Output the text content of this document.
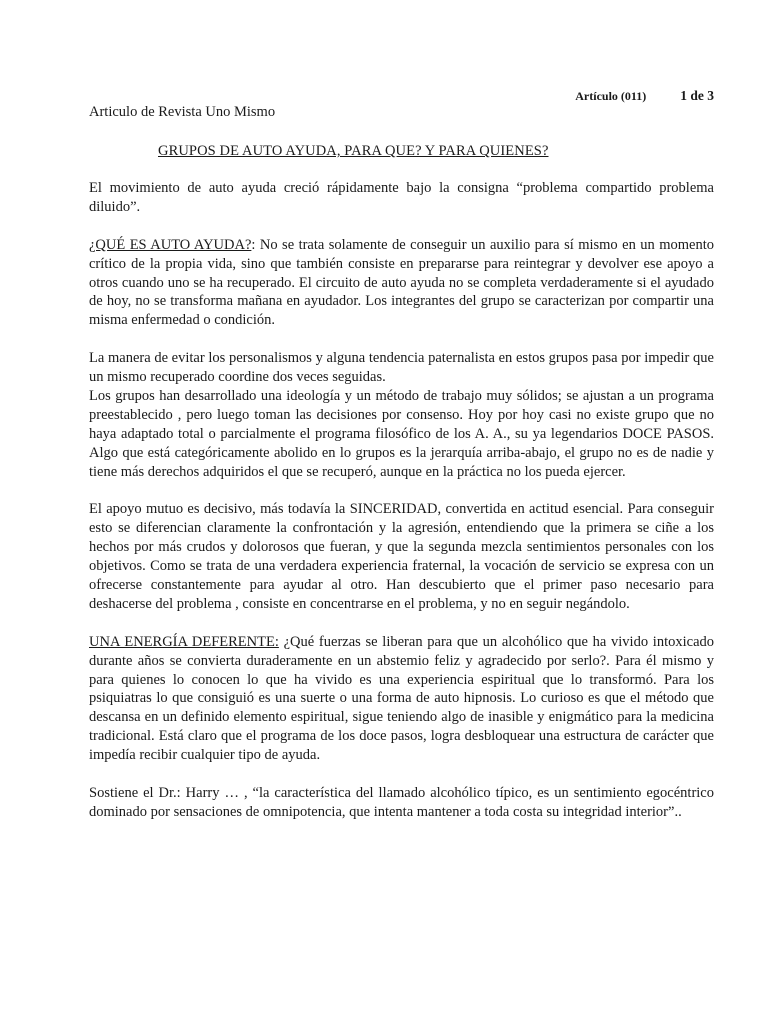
Artículo (011)	1 de 3
Articulo de Revista Uno Mismo
GRUPOS DE AUTO AYUDA, PARA QUE? Y PARA QUIENES?

El movimiento de auto ayuda creció rápidamente bajo la consigna “problema compartido problema diluido”.

¿QUÉ ES AUTO AYUDA?: No se trata solamente de conseguir un auxilio para sí mismo en un momento crítico de la propia vida, sino que también consiste en prepararse para reintegrar y devolver ese apoyo a otros cuando uno se ha recuperado. El circuito de auto ayuda no se completa verdaderamente si el ayudado de hoy, no se transforma mañana en ayudador. Los integrantes del grupo se caracterizan por compartir una misma enfermedad o condición.

La manera de evitar los personalismos y alguna tendencia paternalista en estos grupos pasa por impedir que un mismo recuperado coordine dos veces seguidas.

Los grupos han desarrollado una ideología y un método de trabajo muy sólidos; se ajustan a un programa preestablecido , pero luego toman las decisiones por consenso. Hoy por hoy casi no existe grupo que no haya adaptado total o parcialmente el programa filosófico de los A. A., su ya legendarios DOCE PASOS. Algo que está categóricamente abolido en lo grupos es la jerarquía arriba-abajo, el grupo no es de nadie y tiene más derechos adquiridos el que se recuperó, aunque en la práctica no los pueda ejercer.

El apoyo mutuo es decisivo, más todavía la SINCERIDAD, convertida en actitud esencial. Para conseguir esto se diferencian claramente la confrontación y la agresión, entendiendo que la primera se ciñe a los hechos por más crudos y dolorosos que fueran, y que la segunda mezcla sentimientos personales con los objetivos. Como se trata de una verdadera experiencia fraternal, la vocación de servicio se expresa con un ofrecerse constantemente para ayudar al otro. Han descubierto que el primer paso necesario para deshacerse del problema , consiste en concentrarse en el problema, y no en seguir negándolo.

UNA ENERGÍA DEFERENTE: ¿Qué fuerzas se liberan para que un alcohólico que ha vivido intoxicado durante años se convierta duraderamente en un abstemio feliz y agradecido por serlo?. Para él mismo y para quienes lo conocen lo que ha vivido es una experiencia espiritual que lo transformó. Para los psiquiatras lo que consiguió es una suerte o una forma de auto hipnosis. Lo curioso es que el método que descansa en un definido elemento espiritual, sigue teniendo algo de inasible y enigmático para la medicina tradicional. Está claro que el programa de los doce pasos, logra desbloquear una estructura de carácter que impedía recibir cualquier tipo de ayuda.

Sostiene el Dr.: Harry … , “la característica del llamado alcohólico típico, es un sentimiento egocéntrico dominado por sensaciones de omnipotencia, que intenta mantener a toda costa su integridad interior”..
